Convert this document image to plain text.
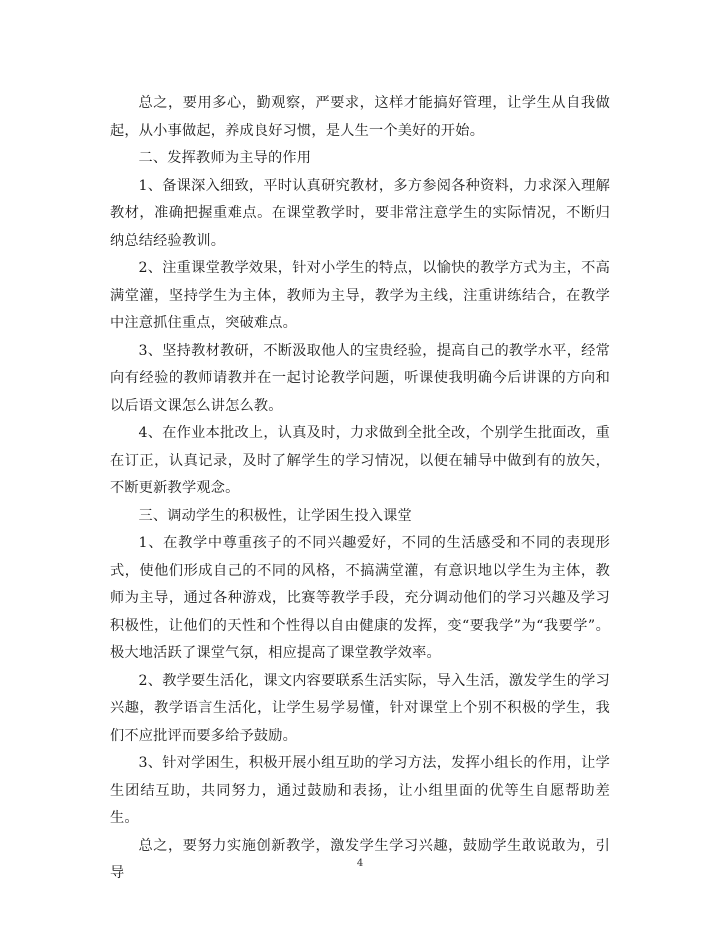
总之，要用多心，勤观察，严要求，这样才能搞好管理，让学生从自我做起，从小事做起，养成良好习惯，是人生一个美好的开始。

二、发挥教师为主导的作用

1、备课深入细致，平时认真研究教材，多方参阅各种资料，力求深入理解教材，准确把握重难点。在课堂教学时，要非常注意学生的实际情况，不断归纳总结经验教训。

2、注重课堂教学效果，针对小学生的特点，以愉快的教学方式为主，不高满堂灌，坚持学生为主体，教师为主导，教学为主线，注重讲练结合，在教学中注意抓住重点，突破难点。

3、坚持教材教研，不断汲取他人的宝贵经验，提高自己的教学水平，经常向有经验的教师请教并在一起讨论教学问题，听课使我明确今后讲课的方向和以后语文课怎么讲怎么教。

4、在作业本批改上，认真及时，力求做到全批全改，个别学生批面改，重在订正，认真记录，及时了解学生的学习情况，以便在辅导中做到有的放矢，不断更新教学观念。

三、调动学生的积极性，让学困生投入课堂

1、在教学中尊重孩子的不同兴趣爱好，不同的生活感受和不同的表现形式，使他们形成自己的不同的风格，不搞满堂灌，有意识地以学生为主体，教师为主导，通过各种游戏，比赛等教学手段，充分调动他们的学习兴趣及学习积极性，让他们的天性和个性得以自由健康的发挥，变“要我学”为“我要学”。极大地活跃了课堂气氛，相应提高了课堂教学效率。

2、教学要生活化，课文内容要联系生活实际，导入生活，激发学生的学习兴趣，教学语言生活化，让学生易学易懂，针对课堂上个别不积极的学生，我们不应批评而要多给予鼓励。

3、针对学困生，积极开展小组互助的学习方法，发挥小组长的作用，让学生团结互助，共同努力，通过鼓励和表扬，让小组里面的优等生自愿帮助差生。

总之，要努力实施创新教学，激发学生学习兴趣，鼓励学生敢说敢为，引导

4
